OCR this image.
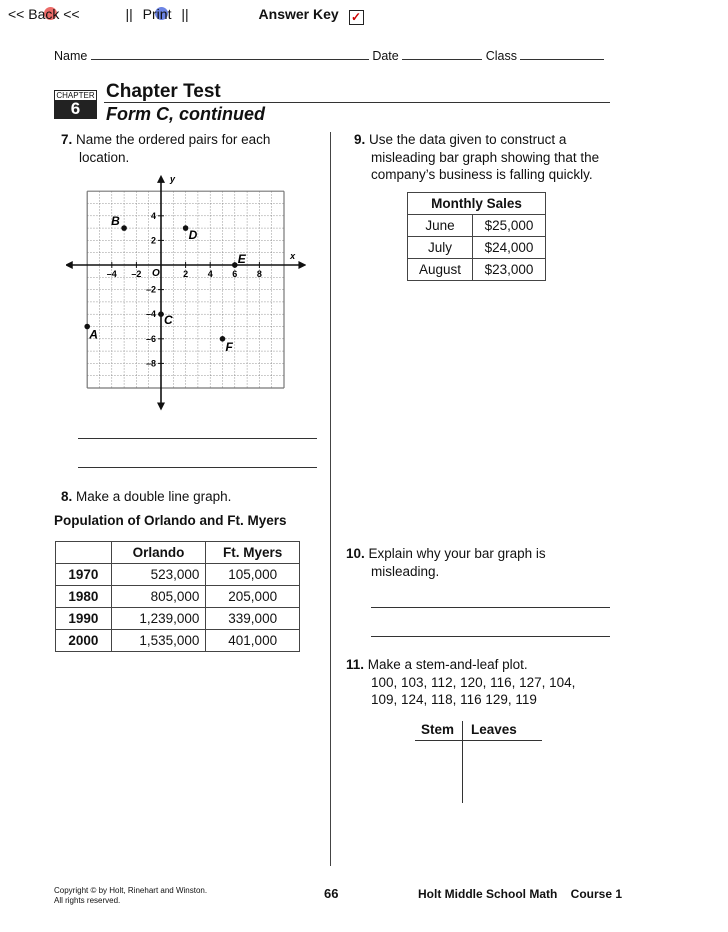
<< Back <<	|| Print ||	Answer Key ✓
Name	Date	Class
CHAPTER
6
Chapter Test
Form C, continued
7. Name the ordered pairs for each
location.
x
y
O
–4 –2	2 4 6 8
4
2
–2
–4
–6
–8
A
B
C
D
E
F
8. Make a double line graph.
Population of Orlando and Ft. Myers
	Orlando	Ft. Myers
1970	523,000	105,000
1980	805,000	205,000
1990	1,239,000	339,000
2000	1,535,000	401,000
9. Use the data given to construct a
misleading bar graph showing that the
company’s business is falling quickly.
Monthly Sales	
June	$25,000
July	$24,000
August	$23,000
10. Explain why your bar graph is
misleading.
11. Make a stem-and-leaf plot.
100, 103, 112, 120, 116, 127, 104,
109, 124, 118, 116 129, 119
Stem Leaves
Copyright © by Holt, Rinehart and Winston.
All rights reserved.	66	Holt Middle School Math Course 1
